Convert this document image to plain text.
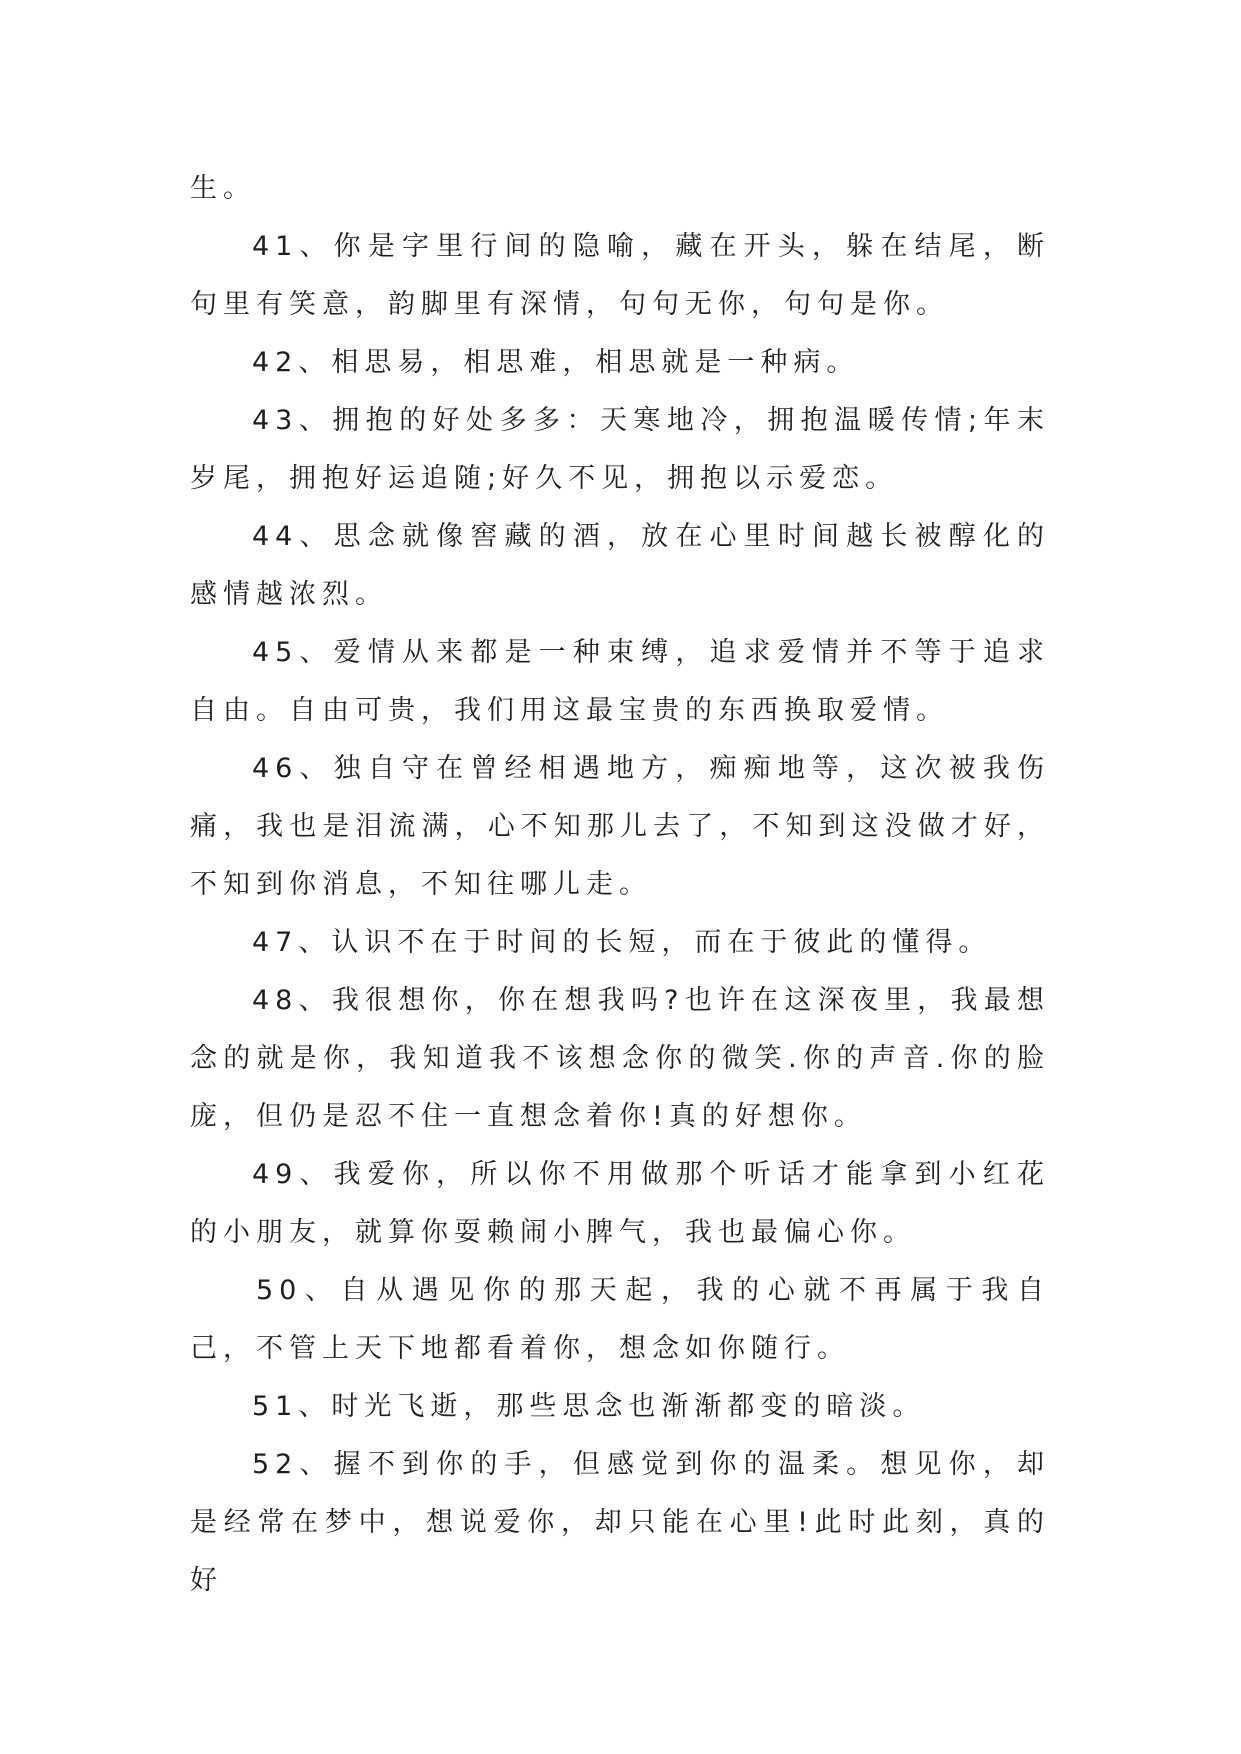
生。

41、你是字里行间的隐喻，藏在开头，躲在结尾，断句里有笑意，韵脚里有深情，句句无你，句句是你。

42、相思易，相思难，相思就是一种病。

43、拥抱的好处多多：天寒地冷，拥抱温暖传情;年末岁尾，拥抱好运追随;好久不见，拥抱以示爱恋。

44、思念就像窖藏的酒，放在心里时间越长被醇化的感情越浓烈。

45、爱情从来都是一种束缚，追求爱情并不等于追求自由。自由可贵，我们用这最宝贵的东西换取爱情。

46、独自守在曾经相遇地方，痴痴地等，这次被我伤痛，我也是泪流满，心不知那儿去了，不知到这没做才好，不知到你消息，不知往哪儿走。

47、认识不在于时间的长短，而在于彼此的懂得。

48、我很想你，你在想我吗?也许在这深夜里，我最想念的就是你，我知道我不该想念你的微笑.你的声音.你的脸庞，但仍是忍不住一直想念着你!真的好想你。

49、我爱你，所以你不用做那个听话才能拿到小红花的小朋友，就算你耍赖闹小脾气，我也最偏心你。

50、自从遇见你的那天起，我的心就不再属于我自己，不管上天下地都看着你，想念如你随行。

51、时光飞逝，那些思念也渐渐都变的暗淡。

52、握不到你的手，但感觉到你的温柔。想见你，却是经常在梦中，想说爱你，却只能在心里!此时此刻，真的好
